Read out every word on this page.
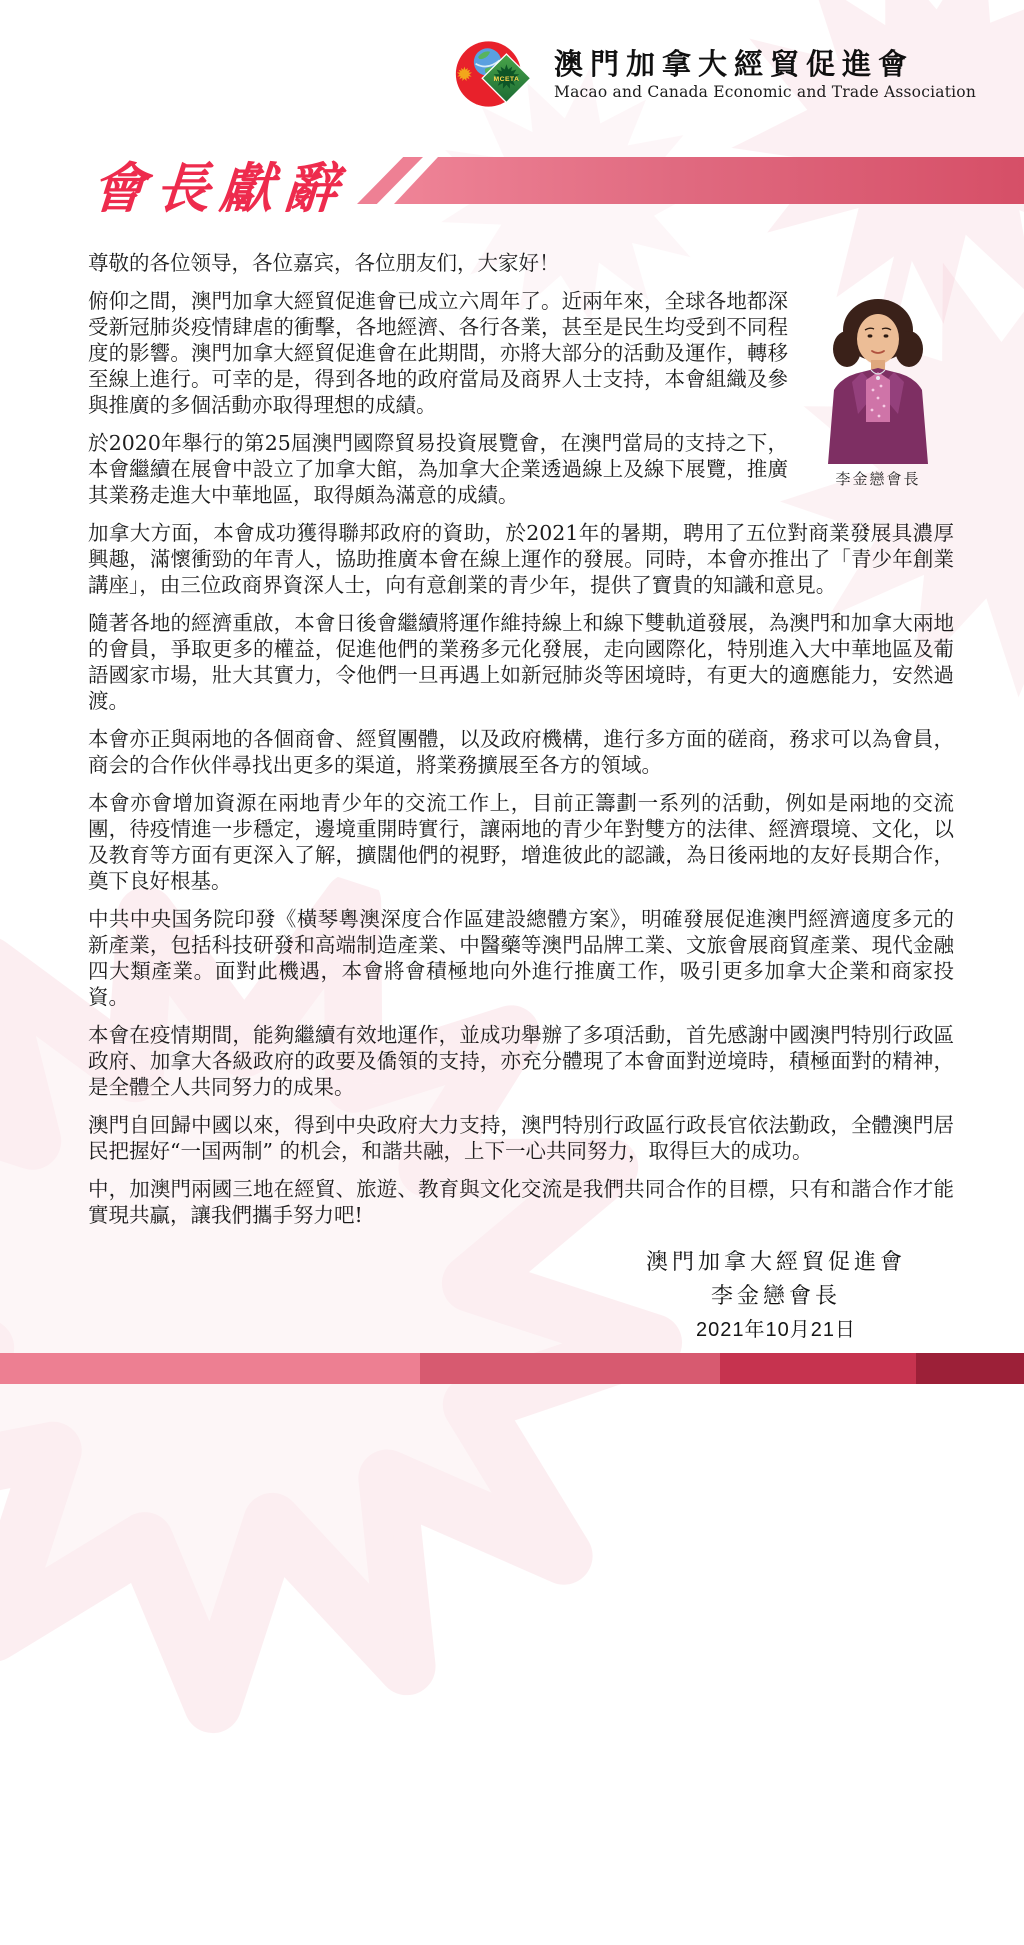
MCETA 澳門加拿大經貿促進會
Macao and Canada Economic and Trade Association
會長獻辭

尊敬的各位领导，各位嘉宾，各位朋友们，大家好！

李金戀會長

俯仰之間，澳門加拿大經貿促進會已成立六周年了。近兩年來，全球各地都深受新冠肺炎疫情肆虐的衝擊，各地經濟、各行各業，甚至是民生均受到不同程度的影響。澳門加拿大經貿促進會在此期間，亦將大部分的活動及運作，轉移至線上進行。可幸的是，得到各地的政府當局及商界人士支持，本會組織及參與推廣的多個活動亦取得理想的成績。

於2020年舉行的第25屆澳門國際貿易投資展覽會，在澳門當局的支持之下，本會繼續在展會中設立了加拿大館，為加拿大企業透過線上及線下展覽，推廣其業務走進大中華地區，取得頗為滿意的成績。

加拿大方面，本會成功獲得聯邦政府的資助，於2021年的暑期，聘用了五位對商業發展具濃厚興趣，滿懷衝勁的年青人，協助推廣本會在線上運作的發展。同時，本會亦推出了「青少年創業講座」，由三位政商界資深人士，向有意創業的青少年，提供了寶貴的知識和意見。

隨著各地的經濟重啟，本會日後會繼續將運作維持線上和線下雙軌道發展，為澳門和加拿大兩地的會員，爭取更多的權益，促進他們的業務多元化發展，走向國際化，特別進入大中華地區及葡語國家市場，壯大其實力，令他們一旦再遇上如新冠肺炎等困境時，有更大的適應能力，安然過渡。

本會亦正與兩地的各個商會、經貿團體，以及政府機構，進行多方面的磋商，務求可以為會員，商会的合作伙伴尋找出更多的渠道，將業務擴展至各方的領域。

本會亦會增加資源在兩地青少年的交流工作上，目前正籌劃一系列的活動，例如是兩地的交流團，待疫情進一步穩定，邊境重開時實行，讓兩地的青少年對雙方的法律、經濟環境、文化，以及教育等方面有更深入了解，擴闊他們的視野，增進彼此的認識，為日後兩地的友好長期合作，奠下良好根基。

中共中央国务院印發《橫琴粵澳深度合作區建設總體方案》，明確發展促進澳門經濟適度多元的新產業，包括科技研發和高端制造產業、中醫藥等澳門品牌工業、文旅會展商貿產業、現代金融四大類產業。面對此機遇，本會將會積極地向外進行推廣工作，吸引更多加拿大企業和商家投資。

本會在疫情期間，能夠繼續有效地運作，並成功舉辦了多項活動，首先感謝中國澳門特別行政區政府、加拿大各級政府的政要及僑領的支持，亦充分體現了本會面對逆境時，積極面對的精神，是全體仝人共同努力的成果。

澳門自回歸中國以來，得到中央政府大力支持，澳門特別行政區行政長官依法勤政，全體澳門居民把握好“一国两制” 的机会，和諧共融，上下一心共同努力，取得巨大的成功。

中，加澳門兩國三地在經貿、旅遊、教育與文化交流是我們共同合作的目標，只有和諧合作才能實現共贏，讓我們攜手努力吧!

澳門加拿大經貿促進會
李金戀會長
2021年10月21日
